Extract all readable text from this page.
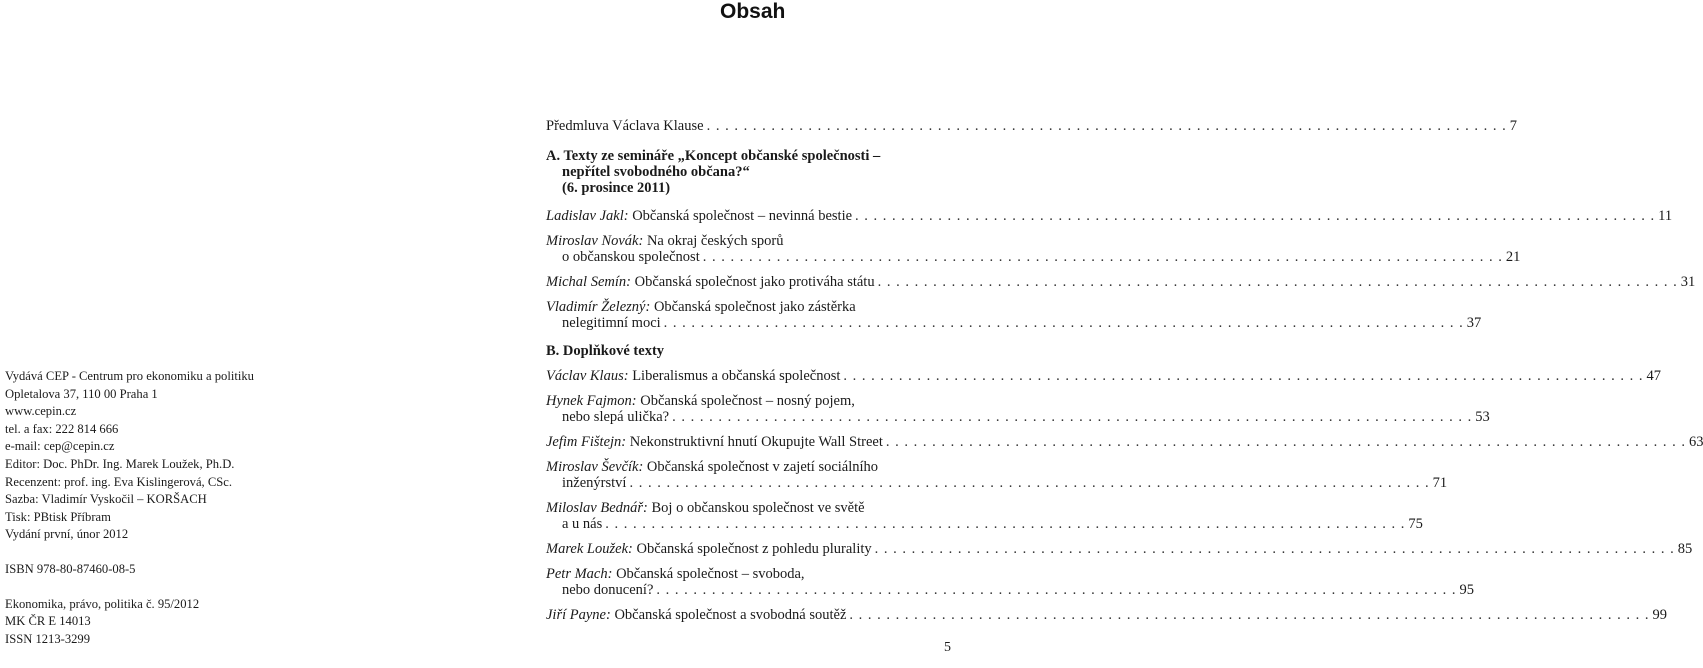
Obsah
Předmluva Václava Klause . . .	7
A. Texty ze semináře „Koncept občanské společnosti –
nepřítel svobodného občana?“
(6. prosince 2011)
Ladislav Jakl:
Občanská společnost – nevinná bestie . . .	11
Miroslav Novák: Na okraj českých sporů
o občanskou společnost . . .	21
Michal Semín:
Občanská společnost jako protiváha státu . . .	31
Vladimír Železný: Občanská společnost jako zástěrka
nelegitimní moci . . .	37
B. Doplňkové texty
Václav Klaus:
Liberalismus a občanská společnost . . .	47
Hynek Fajmon: Občanská společnost – nosný pojem,
nebo slepá ulička? . . .	53
Jefim Fištejn:
Nekonstruktivní hnutí Okupujte Wall Street . . .	63
Miroslav Ševčík: Občanská společnost v zajetí sociálního
inženýrství . . .	71
Miloslav Bednář: Boj o občanskou společnost ve světě
a u nás . . .	75
Marek Loužek:
Občanská společnost z pohledu plurality . . .	85
Petr Mach: Občanská společnost – svoboda,
nebo donucení? . . .	95
Jiří Payne:
Občanská společnost a svobodná soutěž . . .	99
Vydává CEP - Centrum pro ekonomiku a politiku
Opletalova 37, 110 00 Praha 1
www.cepin.cz
tel. a fax: 222 814 666
e-mail: cep@cepin.cz
Editor: Doc. PhDr. Ing. Marek Loužek, Ph.D.
Recenzent: prof. ing. Eva Kislingerová, CSc.
Sazba: Vladimír Vyskočil – KORŠACH
Tisk: PBtisk Příbram
Vydání první, únor 2012
ISBN 978-80-87460-08-5
Ekonomika, právo, politika č. 95/2012
MK ČR E 14013
ISSN 1213-3299
5
